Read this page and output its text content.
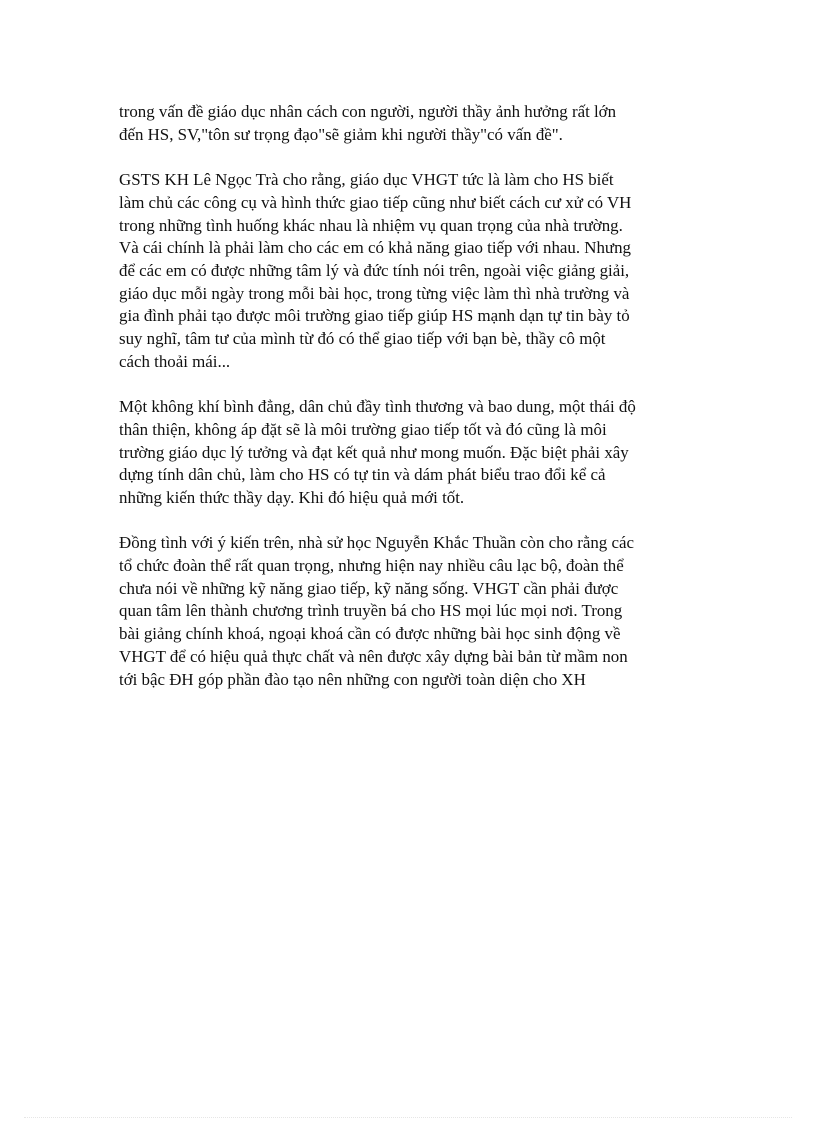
trong vấn đề giáo dục nhân cách con người, người thầy ảnh hưởng rất lớn
đến HS, SV,"tôn sư trọng đạo"sẽ giảm khi người thầy"có vấn đề".

GSTS KH Lê Ngọc Trà cho rằng, giáo dục VHGT tức là làm cho HS biết
làm chủ các công cụ và hình thức giao tiếp cũng như biết cách cư xử có VH
trong những tình huống khác nhau là nhiệm vụ quan trọng của nhà trường.
Và cái chính là phải làm cho các em có khả năng giao tiếp với nhau. Nhưng
để các em có được những tâm lý và đức tính nói trên, ngoài việc giảng giải,
giáo dục mỗi ngày trong mỗi bài học, trong từng việc làm thì nhà trường và
gia đình phải tạo được môi trường giao tiếp giúp HS mạnh dạn tự tin bày tỏ
suy nghĩ, tâm tư của mình từ đó có thể giao tiếp với bạn bè, thầy cô một
cách thoải mái...

Một không khí bình đẳng, dân chủ đầy tình thương và bao dung, một thái độ
thân thiện, không áp đặt sẽ là môi trường giao tiếp tốt và đó cũng là môi
trường giáo dục lý tưởng và đạt kết quả như mong muốn. Đặc biệt phải xây
dựng tính dân chủ, làm cho HS có tự tin và dám phát biểu trao đổi kể cả
những kiến thức thầy dạy. Khi đó hiệu quả mới tốt.

Đồng tình với ý kiến trên, nhà sử học Nguyễn Khắc Thuần còn cho rằng các
tổ chức đoàn thể rất quan trọng, nhưng hiện nay nhiều câu lạc bộ, đoàn thể
chưa nói về những kỹ năng giao tiếp, kỹ năng sống. VHGT cần phải được
quan tâm lên thành chương trình truyền bá cho HS mọi lúc mọi nơi. Trong
bài giảng chính khoá, ngoại khoá cần có được những bài học sinh động về
VHGT để có hiệu quả thực chất và nên được xây dựng bài bản từ mầm non
tới bậc ĐH góp phần đào tạo nên những con người toàn diện cho XH
